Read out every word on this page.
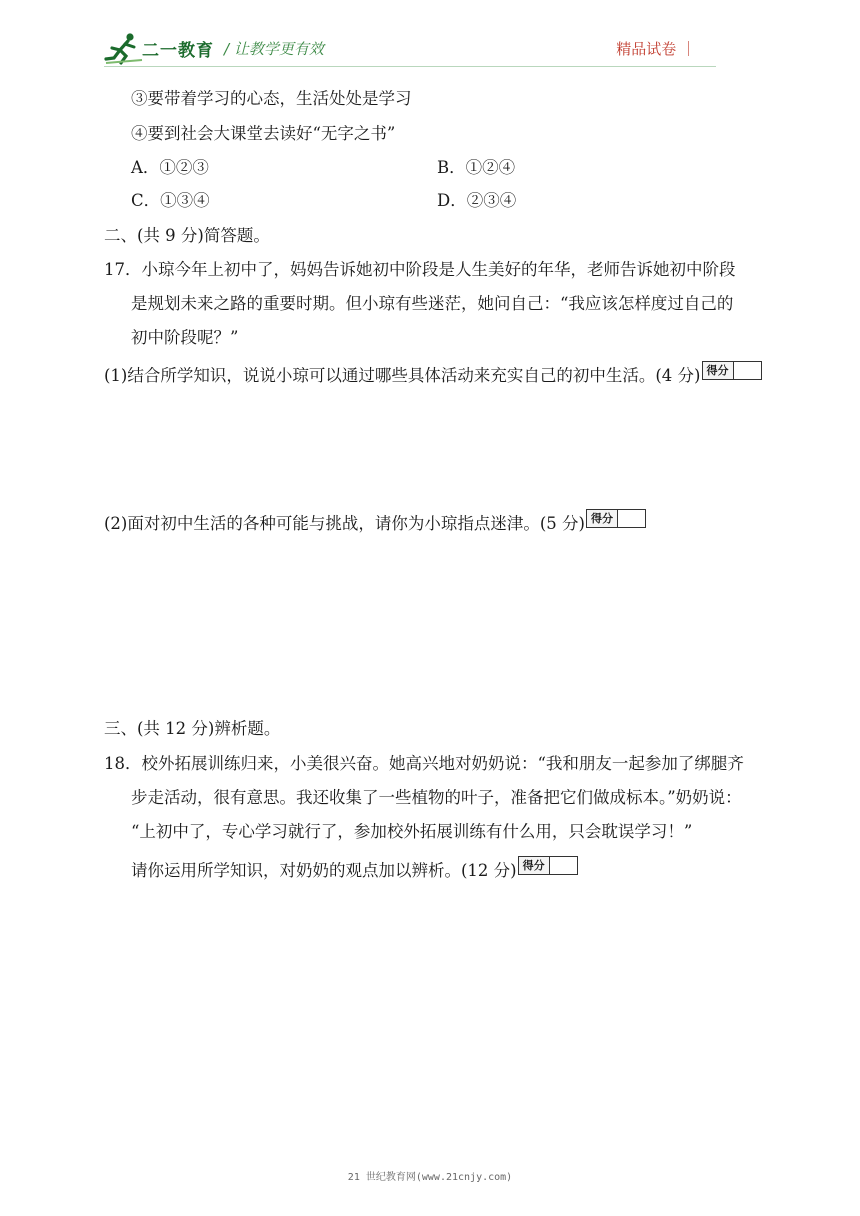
二一教育 / 让教学更有效	精品试卷 ｜
③要带着学习的心态，生活处处是学习
④要到社会大课堂去读好“无字之书”
A．①②③	B．①②④
C．①③④	D．②③④
二、(共 9 分)简答题。
17．小琼今年上初中了，妈妈告诉她初中阶段是人生美好的年华，老师告诉她初中阶段
是规划未来之路的重要时期。但小琼有些迷茫，她问自己：“我应该怎样度过自己的
初中阶段呢？”
(1)结合所学知识，说说小琼可以通过哪些具体活动来充实自己的初中生活。(4 分) 得分
(2)面对初中生活的各种可能与挑战，请你为小琼指点迷津。(5 分) 得分
三、(共 12 分)辨析题。
18．校外拓展训练归来，小美很兴奋。她高兴地对奶奶说：“我和朋友一起参加了绑腿齐
步走活动，很有意思。我还收集了一些植物的叶子，准备把它们做成标本。”奶奶说：
“上初中了，专心学习就行了，参加校外拓展训练有什么用，只会耽误学习！”
请你运用所学知识，对奶奶的观点加以辨析。(12 分) 得分
21 世纪教育网(www.21cnjy.com)
